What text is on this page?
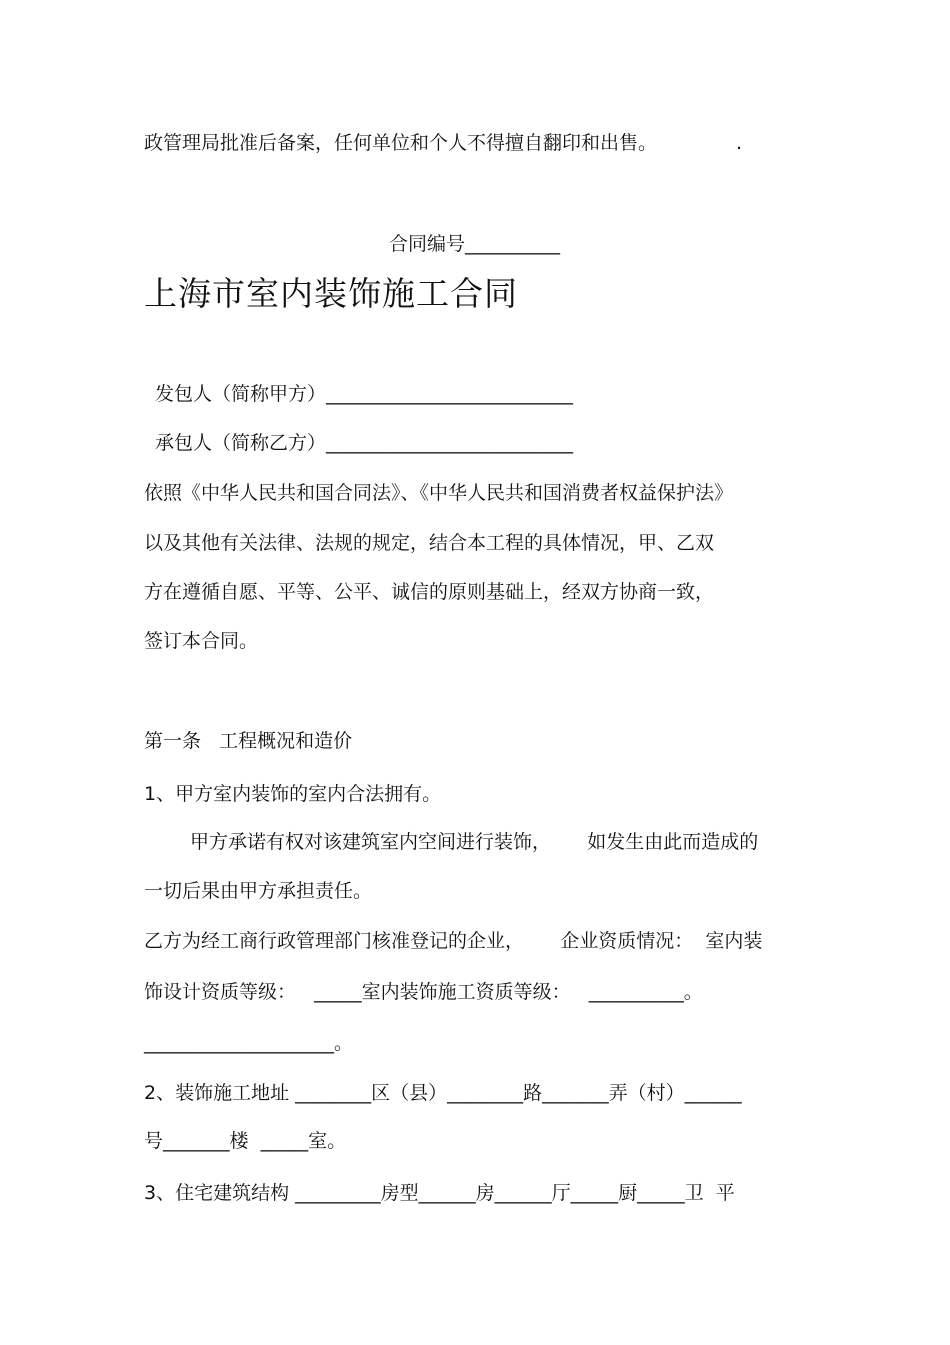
政管理局批准后备案，任何单位和个人不得擅自翻印和出售。	.
合同编号__________
上海市室内装饰施工合同
发包人（简称甲方）__________________________
承包人（简称乙方）__________________________
依照《中华人民共和国合同法》、《中华人民共和国消费者权益保护法》
以及其他有关法律、法规的规定，结合本工程的具体情况，甲、乙双
方在遵循自愿、平等、公平、诚信的原则基础上，经双方协商一致，
签订本合同。
第一条   工程概况和造价
1、甲方室内装饰的室内合法拥有。
甲方承诺有权对该建筑室内空间进行装饰，      如发生由此而造成的
一切后果由甲方承担责任。
乙方为经工商行政管理部门核准登记的企业，      企业资质情况：  室内装
饰设计资质等级：   _____室内装饰施工资质等级：   __________。
____________________。
2、装饰施工地址 ________区（县）________路_______弄（村）______
号_______楼  _____室。
3、住宅建筑结构 _________房型______房______厅_____厨_____卫  平
